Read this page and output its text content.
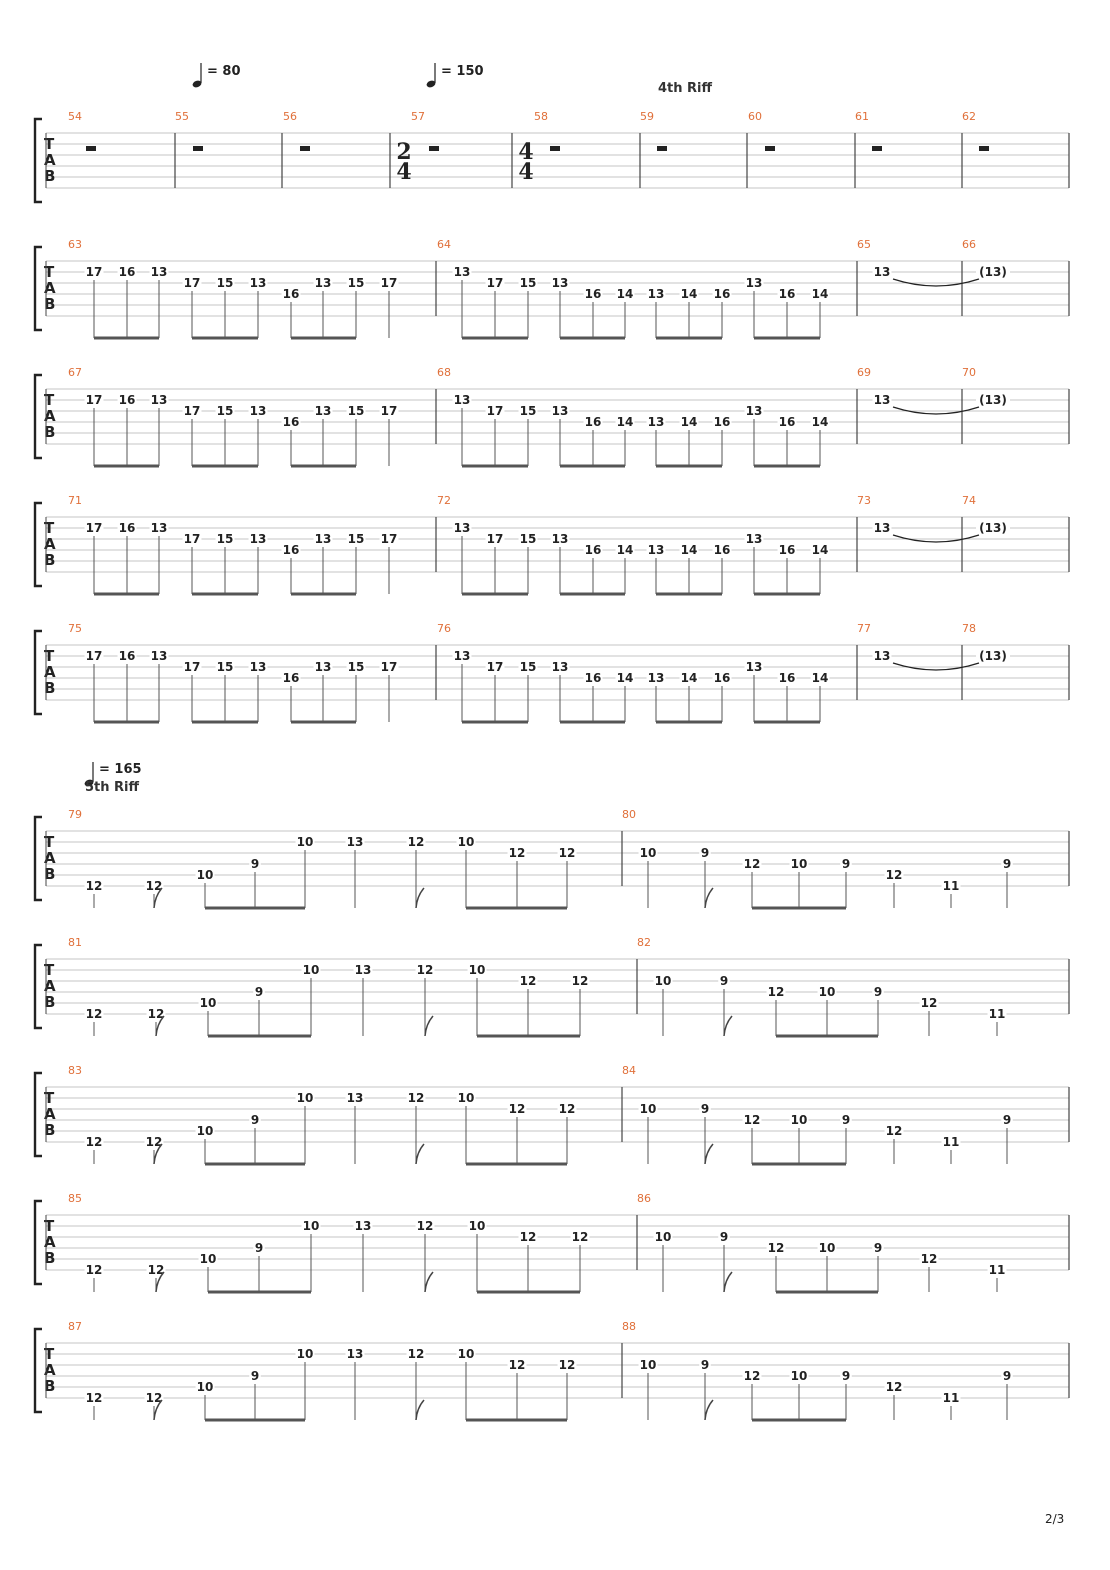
= 80	= 150
= 165
4th Riff
5th Riff
2/3
T
A
B
54	55	56	57	58	59	60	61	62
2
4
4
4
T
A
B
63	64	65	66
17 16 13
17 15 13
16
13 15 17
13
17 15 13
16 14 13 14 16
13
16 14
13	(13)
T
A
B
67	68	69	70
17 16 13
17 15 13
16
13 15 17
13
17 15 13
16 14 13 14 16
13
16 14
13	(13)
T
A
B
71	72	73	74
17 16 13
17 15 13
16
13 15 17
13
17 15 13
16 14 13 14 16
13
16 14
13	(13)
T
A
B
75	76	77	78
17 16 13
17 15 13
16
13 15 17
13
17 15 13
16 14 13 14 16
13
16 14
13	(13)
T
A
B
79	80
12	12
10
9
10	13	12	10
12	12	10	9
12	10	9
12
11
9
T
A
B
81	82
12	12
10
9
10	13	12	10
12	12	10	9
12	10	9
12
11
T
A
B
83	84
12	12
10
9
10	13	12	10
12	12	10	9
12	10	9
12
11
9
T
A
B
85	86
12	12
10
9
10	13	12	10
12	12	10	9
12	10	9
12
11
T
A
B
87	88
12	12
10
9
10	13	12	10
12	12	10	9
12	10	9
12
11
9
